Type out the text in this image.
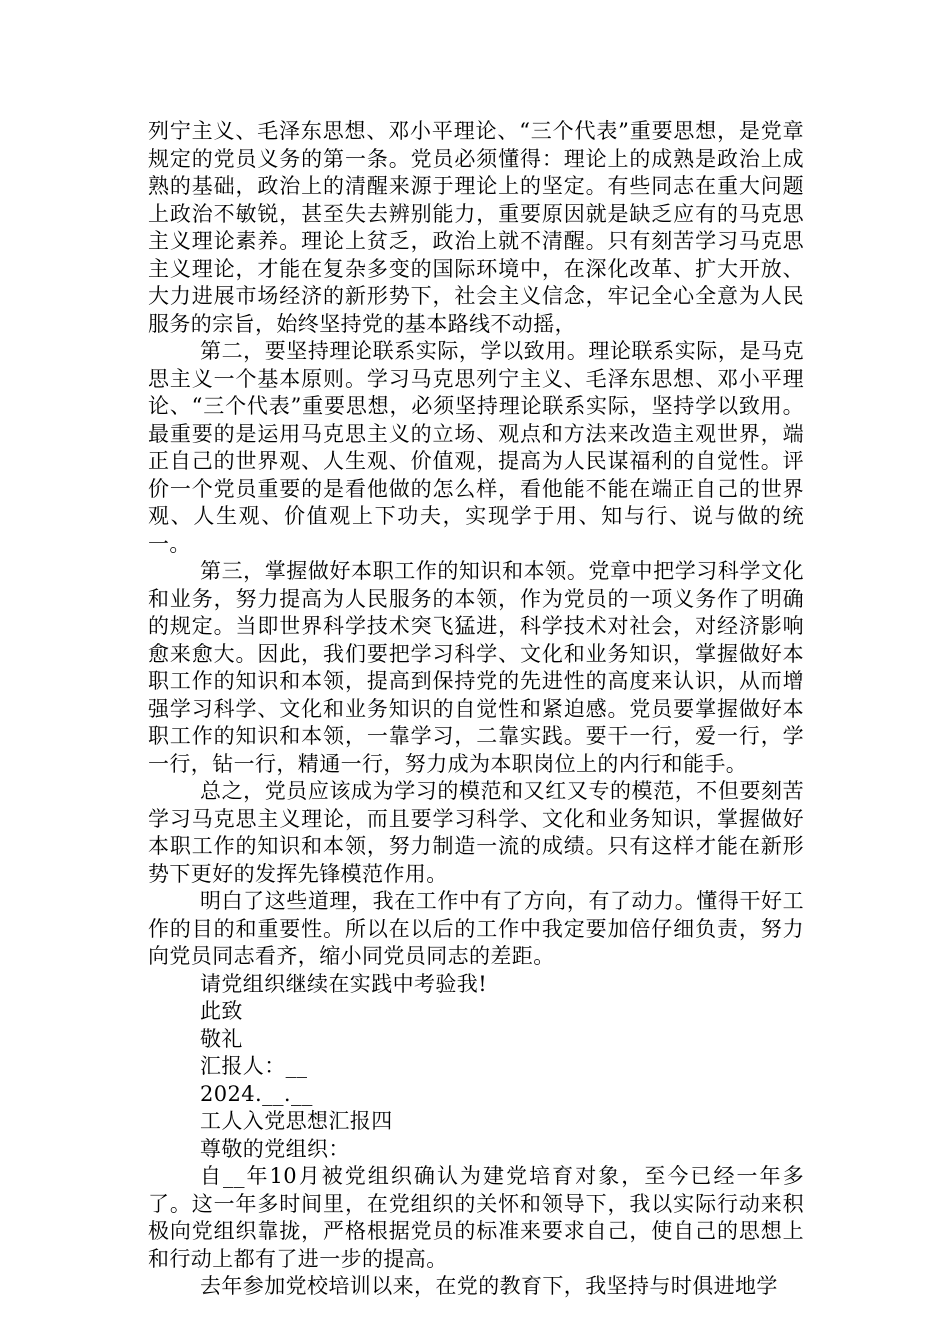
列宁主义、毛泽东思想、邓小平理论、“三个代表”重要思想，是党章规定的党员义务的第一条。党员必须懂得：理论上的成熟是政治上成熟的基础，政治上的清醒来源于理论上的坚定。有些同志在重大问题上政治不敏锐，甚至失去辨别能力，重要原因就是缺乏应有的马克思主义理论素养。理论上贫乏，政治上就不清醒。只有刻苦学习马克思主义理论，才能在复杂多变的国际环境中，在深化改革、扩大开放、大力进展市场经济的新形势下，社会主义信念，牢记全心全意为人民服务的宗旨，始终坚持党的基本路线不动摇，

第二，要坚持理论联系实际，学以致用。理论联系实际，是马克思主义一个基本原则。学习马克思列宁主义、毛泽东思想、邓小平理论、“三个代表”重要思想，必须坚持理论联系实际，坚持学以致用。最重要的是运用马克思主义的立场、观点和方法来改造主观世界，端正自己的世界观、人生观、价值观，提高为人民谋福利的自觉性。评价一个党员重要的是看他做的怎么样，看他能不能在端正自己的世界观、人生观、价值观上下功夫，实现学于用、知与行、说与做的统一。

第三，掌握做好本职工作的知识和本领。党章中把学习科学文化和业务，努力提高为人民服务的本领，作为党员的一项义务作了明确的规定。当即世界科学技术突飞猛进，科学技术对社会，对经济影响愈来愈大。因此，我们要把学习科学、文化和业务知识，掌握做好本职工作的知识和本领，提高到保持党的先进性的高度来认识，从而增强学习科学、文化和业务知识的自觉性和紧迫感。党员要掌握做好本职工作的知识和本领，一靠学习，二靠实践。要干一行，爱一行，学一行，钻一行，精通一行，努力成为本职岗位上的内行和能手。

总之，党员应该成为学习的模范和又红又专的模范，不但要刻苦学习马克思主义理论，而且要学习科学、文化和业务知识，掌握做好本职工作的知识和本领，努力制造一流的成绩。只有这样才能在新形势下更好的发挥先锋模范作用。

明白了这些道理，我在工作中有了方向，有了动力。懂得干好工作的目的和重要性。所以在以后的工作中我定要加倍仔细负责，努力向党员同志看齐，缩小同党员同志的差距。

请党组织继续在实践中考验我!
此致
敬礼
汇报人：__
2024.__.__
工人入党思想汇报四
尊敬的党组织：

自__年10月被党组织确认为建党培育对象，至今已经一年多了。这一年多时间里，在党组织的关怀和领导下，我以实际行动来积极向党组织靠拢，严格根据党员的标准来要求自己，使自己的思想上和行动上都有了进一步的提高。

去年参加党校培训以来，在党的教育下，我坚持与时俱进地学
